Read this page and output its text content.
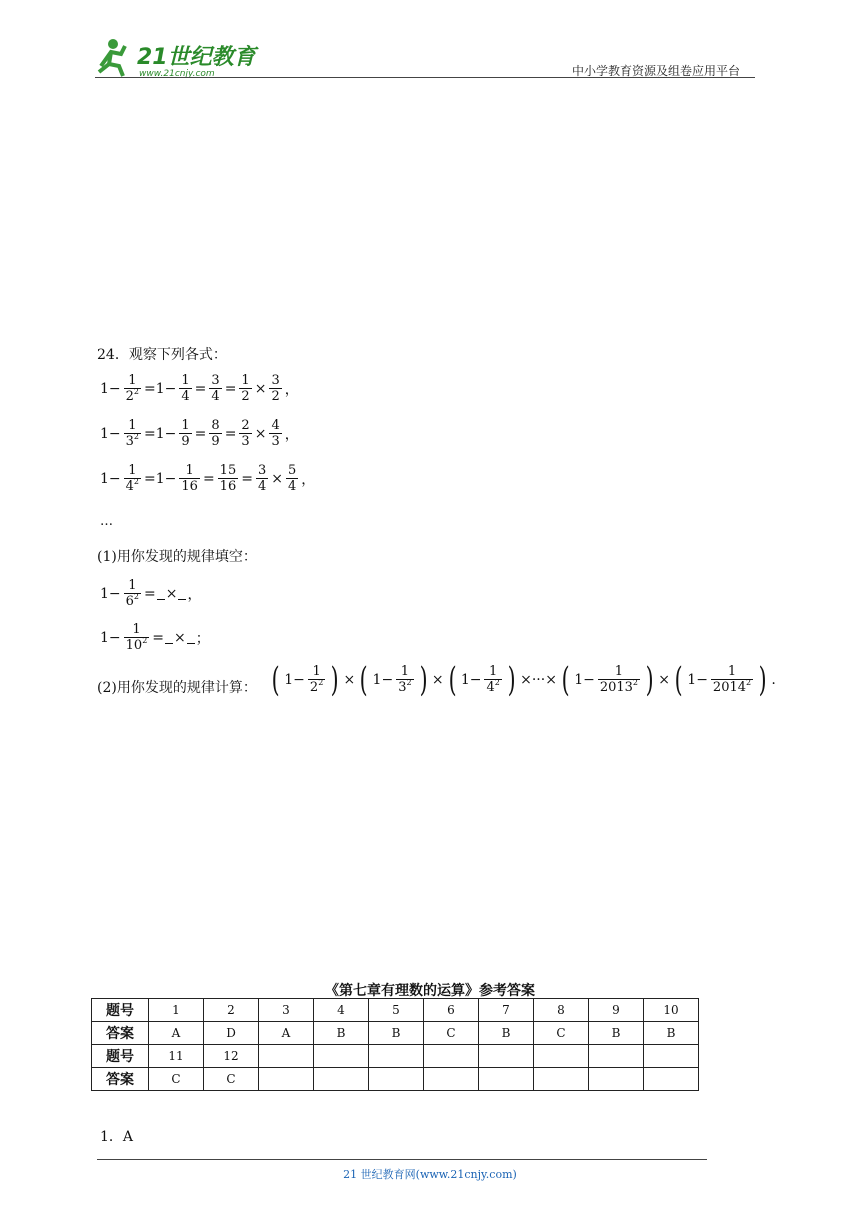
21世纪教育
www.21cnjy.com	中小学教育资源及组卷应用平台
24．观察下列各式：
$1- \frac{1}{2^2} =1- \frac{1}{4} = \frac{3}{4} = \frac{1}{2} \times \frac{3}{2}$ ，
$1- \frac{1}{3^2} =1- \frac{1}{9} = \frac{8}{9} = \frac{2}{3} \times \frac{4}{3}$ ，
$1- \frac{1}{4^2} =1- \frac{1}{16} = \frac{15}{16} = \frac{3}{4} \times \frac{5}{4}$ ，
…
(1)用你发现的规律填空：
$1- \frac{1}{6^2}$ = × ，
$1- \frac{1}{10^2}$ = × ；
(2)用你发现的规律计算： ( $1- \frac{1}{2^2}$ ) × ( $1- \frac{1}{3^2}$ ) × ( $1- \frac{1}{4^2}$ ) ×···× ( $1- \frac{1}{2013^2}$ ) × ( $1- \frac{1}{2014^2}$ ) .
《第七章有理数的运算》参考答案
题号	1	2	3	4	5	6	7	8	9	10
答案	A	D	A	B	B	C	B	C	B	B
题号	11	12								
答案	C	C								
1．A
21 世纪教育网(www.21cnjy.com)
